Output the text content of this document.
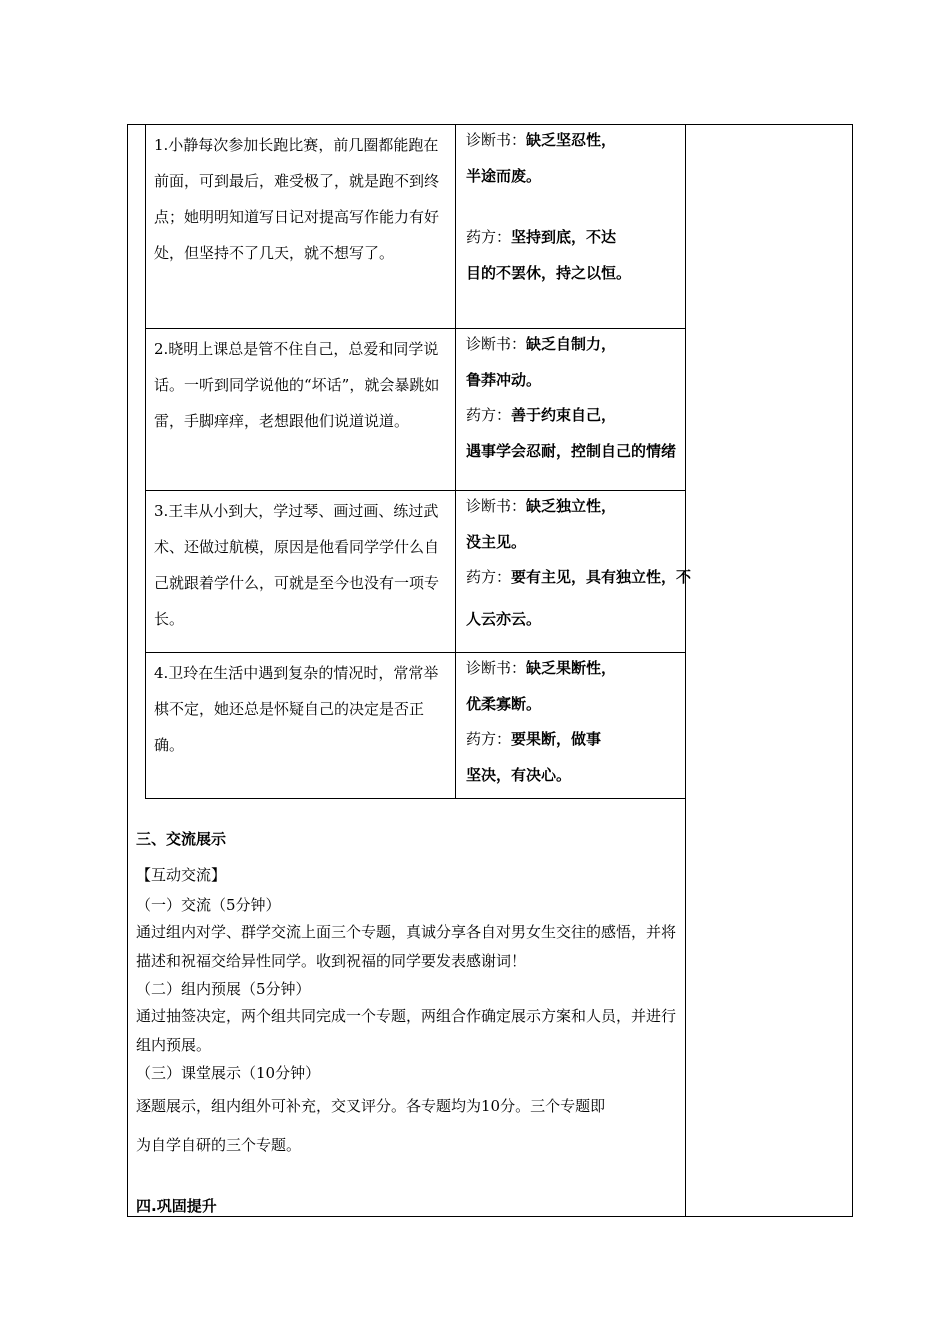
1.小静每次参加长跑比赛，前几圈都能跑在前面，可到最后，难受极了，就是跑不到终点；她明明知道写日记对提高写作能力有好处，但坚持不了几天，就不想写了。
诊断书：缺乏坚忍性，
半途而废。
药方：坚持到底，不达
目的不罢休，持之以恒。
2.晓明上课总是管不住自己，总爱和同学说话。一听到同学说他的“坏话”，就会暴跳如雷，手脚痒痒，老想跟他们说道说道。
诊断书：缺乏自制力，
鲁莽冲动。
药方：善于约束自己，
遇事学会忍耐，控制自己的情绪
3.王丰从小到大，学过琴、画过画、练过武术、还做过航模，原因是他看同学学什么自己就跟着学什么，可就是至今也没有一项专长。
诊断书：缺乏独立性，
没主见。
药方：要有主见，具有独立性，不
人云亦云。
4.卫玲在生活中遇到复杂的情况时，常常举棋不定，她还总是怀疑自己的决定是否正确。
诊断书：缺乏果断性，
优柔寡断。
药方：要果断，做事
坚决，有决心。
三、交流展示
【互动交流】
（一）交流（5分钟）
通过组内对学、群学交流上面三个专题，真诚分享各自对男女生交往的感悟，并将描述和祝福交给异性同学。收到祝福的同学要发表感谢词！
（二）组内预展（5分钟）
通过抽签决定，两个组共同完成一个专题，两组合作确定展示方案和人员，并进行组内预展。
（三）课堂展示（10分钟）
逐题展示，组内组外可补充，交叉评分。各专题均为10分。三个专题即
为自学自研的三个专题。
四.巩固提升
